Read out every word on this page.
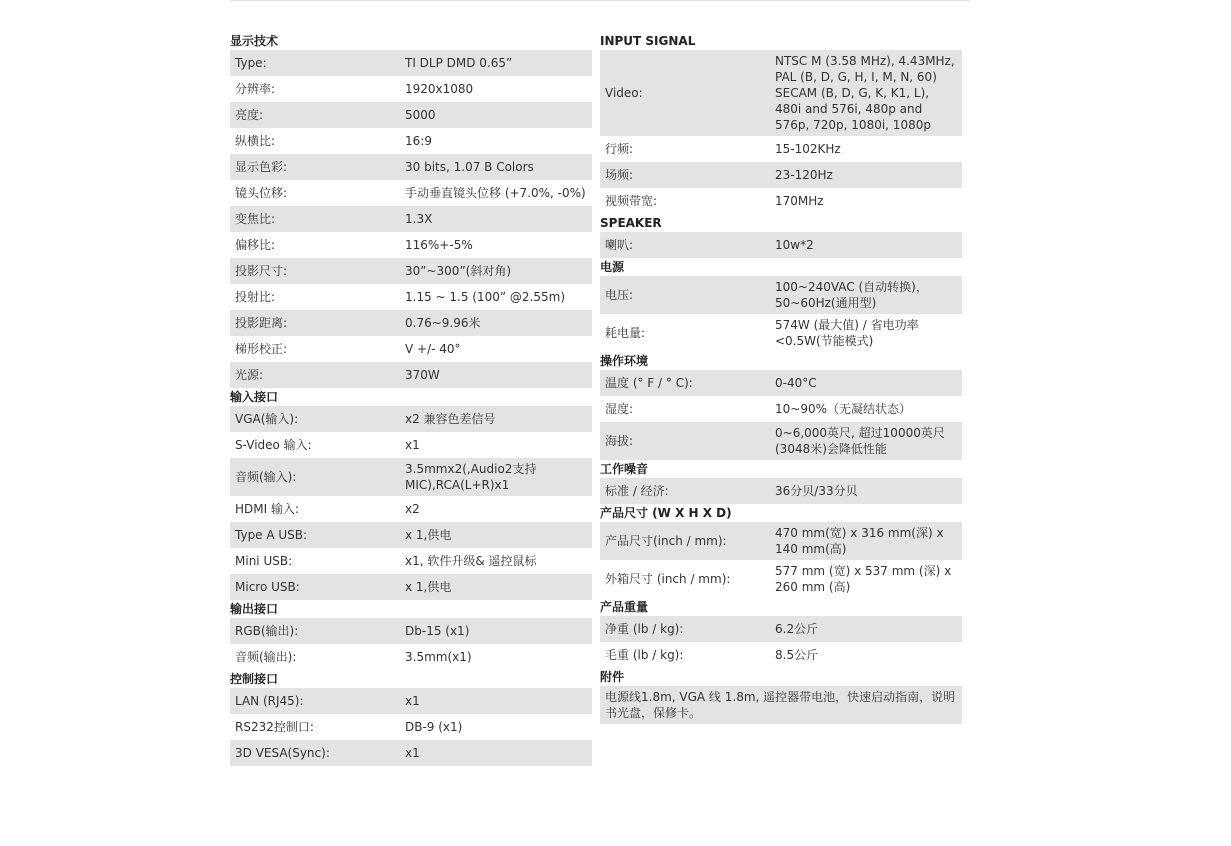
显示技术
Type:	TI DLP DMD 0.65”
分辨率:	1920x1080
亮度:	5000
纵横比:	16:9
显示色彩:	30 bits, 1.07 B Colors
镜头位移:	手动垂直镜头位移 (+7.0%, -0%)
变焦比:	1.3X
偏移比:	116%+-5%
投影尺寸:	30”~300”(斜对角)
投射比:	1.15 ~ 1.5 (100” @2.55m)
投影距离:	0.76~9.96米
梯形校正:	V +/- 40°
光源:	370W
输入接口
VGA(输入):	x2 兼容色差信号
S-Video 输入:	x1
音频(输入):	3.5mmx2(,Audio2支持MIC),RCA(L+R)x1
HDMI 输入:	x2
Type A USB:	x 1,供电
Mini USB:	x1, 软件升级& 遥控鼠标
Micro USB:	x 1,供电
输出接口
RGB(输出):	Db-15 (x1)
音频(输出):	3.5mm(x1)
控制接口
LAN (RJ45):	x1
RS232控制口:	DB-9 (x1)
3D VESA(Sync):	x1
INPUT SIGNAL
Video:	NTSC M (3.58 MHz), 4.43MHz, PAL (B, D, G, H, I, M, N, 60) SECAM (B, D, G, K, K1, L), 480i and 576i, 480p and 576p, 720p, 1080i, 1080p
行频:	15-102KHz
场频:	23-120Hz
视频带宽:	170MHz
SPEAKER
喇叭:	10w*2
电源
电压:	100~240VAC (自动转换)，50~60Hz(通用型)
耗电量:	574W (最大值) / 省电功率 <0.5W(节能模式)
操作环境
温度 (° F / ° C):	0-40°C
湿度:	10~90%（无凝结状态）
海拔:	0~6,000英尺, 超过10000英尺(3048米)会降低性能
工作噪音
标准 / 经济:	36分贝/33分贝
产品尺寸 (W X H X D)
产品尺寸(inch / mm):	470 mm(宽) x 316 mm(深) x 140 mm(高)
外箱尺寸 (inch / mm):	577 mm (宽) x 537 mm (深) x 260 mm (高)
产品重量
净重 (lb / kg):	6.2公斤
毛重 (lb / kg):	8.5公斤
附件
电源线1.8m, VGA 线 1.8m, 遥控器带电池，快速启动指南，说明书光盘，保修卡。
